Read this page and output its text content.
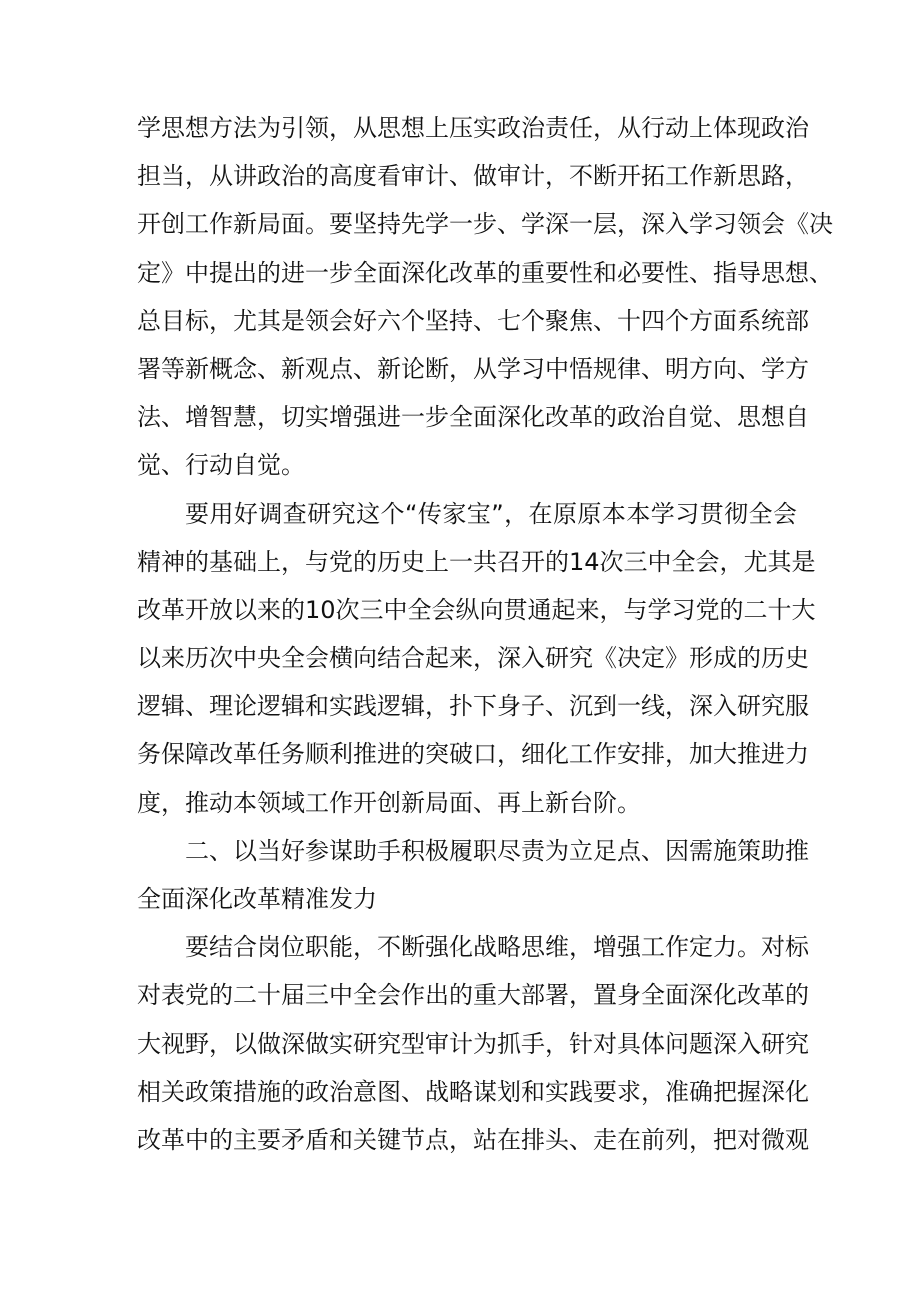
学思想方法为引领，从思想上压实政治责任，从行动上体现政治
担当，从讲政治的高度看审计、做审计，不断开拓工作新思路，
开创工作新局面。要坚持先学一步、学深一层，深入学习领会《决
定》中提出的进一步全面深化改革的重要性和必要性、指导思想、
总目标，尤其是领会好六个坚持、七个聚焦、十四个方面系统部
署等新概念、新观点、新论断，从学习中悟规律、明方向、学方
法、增智慧，切实增强进一步全面深化改革的政治自觉、思想自
觉、行动自觉。
要用好调查研究这个“传家宝”，在原原本本学习贯彻全会
精神的基础上，与党的历史上一共召开的14次三中全会，尤其是
改革开放以来的10次三中全会纵向贯通起来，与学习党的二十大
以来历次中央全会横向结合起来，深入研究《决定》形成的历史
逻辑、理论逻辑和实践逻辑，扑下身子、沉到一线，深入研究服
务保障改革任务顺利推进的突破口，细化工作安排，加大推进力
度，推动本领域工作开创新局面、再上新台阶。
二、以当好参谋助手积极履职尽责为立足点、因需施策助推
全面深化改革精准发力
要结合岗位职能，不断强化战略思维，增强工作定力。对标
对表党的二十届三中全会作出的重大部署，置身全面深化改革的
大视野，以做深做实研究型审计为抓手，针对具体问题深入研究
相关政策措施的政治意图、战略谋划和实践要求，准确把握深化
改革中的主要矛盾和关键节点，站在排头、走在前列，把对微观
